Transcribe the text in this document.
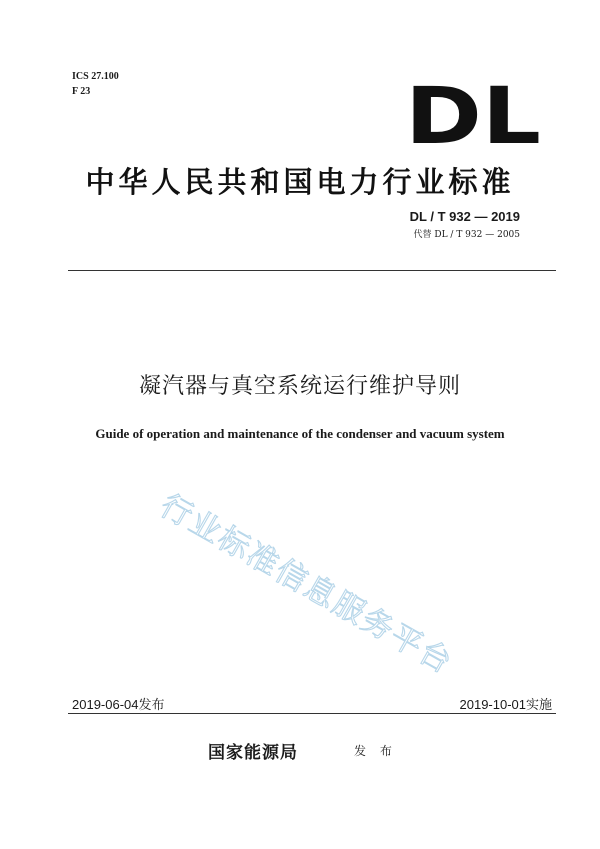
ICS 27.100
F 23	DL
中华人民共和国电力行业标准
DL / T 932 — 2019
代替 DL / T 932 — 2005
凝汽器与真空系统运行维护导则
Guide of operation and maintenance of the condenser and vacuum system
行业标准信息服务平台
2019-06-04发布	2019-10-01实施
国家能源局	发 布
